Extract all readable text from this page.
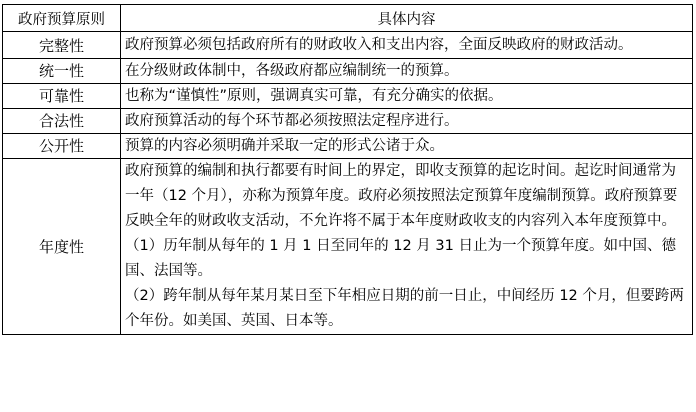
政府预算原则	具体内容
完整性	政府预算必须包括政府所有的财政收入和支出内容，全面反映政府的财政活动。
统一性	在分级财政体制中，各级政府都应编制统一的预算。
可靠性	也称为“谨慎性”原则，强调真实可靠，有充分确实的依据。
合法性	政府预算活动的每个环节都必须按照法定程序进行。
公开性	预算的内容必须明确并采取一定的形式公诸于众。
年度性	政府预算的编制和执行都要有时间上的界定，即收支预算的起讫时间。起讫时间通常为一年（12 个月），亦称为预算年度。政府必须按照法定预算年度编制预算。政府预算要反映全年的财政收支活动，不允许将不属于本年度财政收支的内容列入本年度预算中。
（1）历年制从每年的 1 月 1 日至同年的 12 月 31 日止为一个预算年度。如中国、德国、法国等。
（2）跨年制从每年某月某日至下年相应日期的前一日止，中间经历 12 个月，但要跨两个年份。如美国、英国、日本等。
